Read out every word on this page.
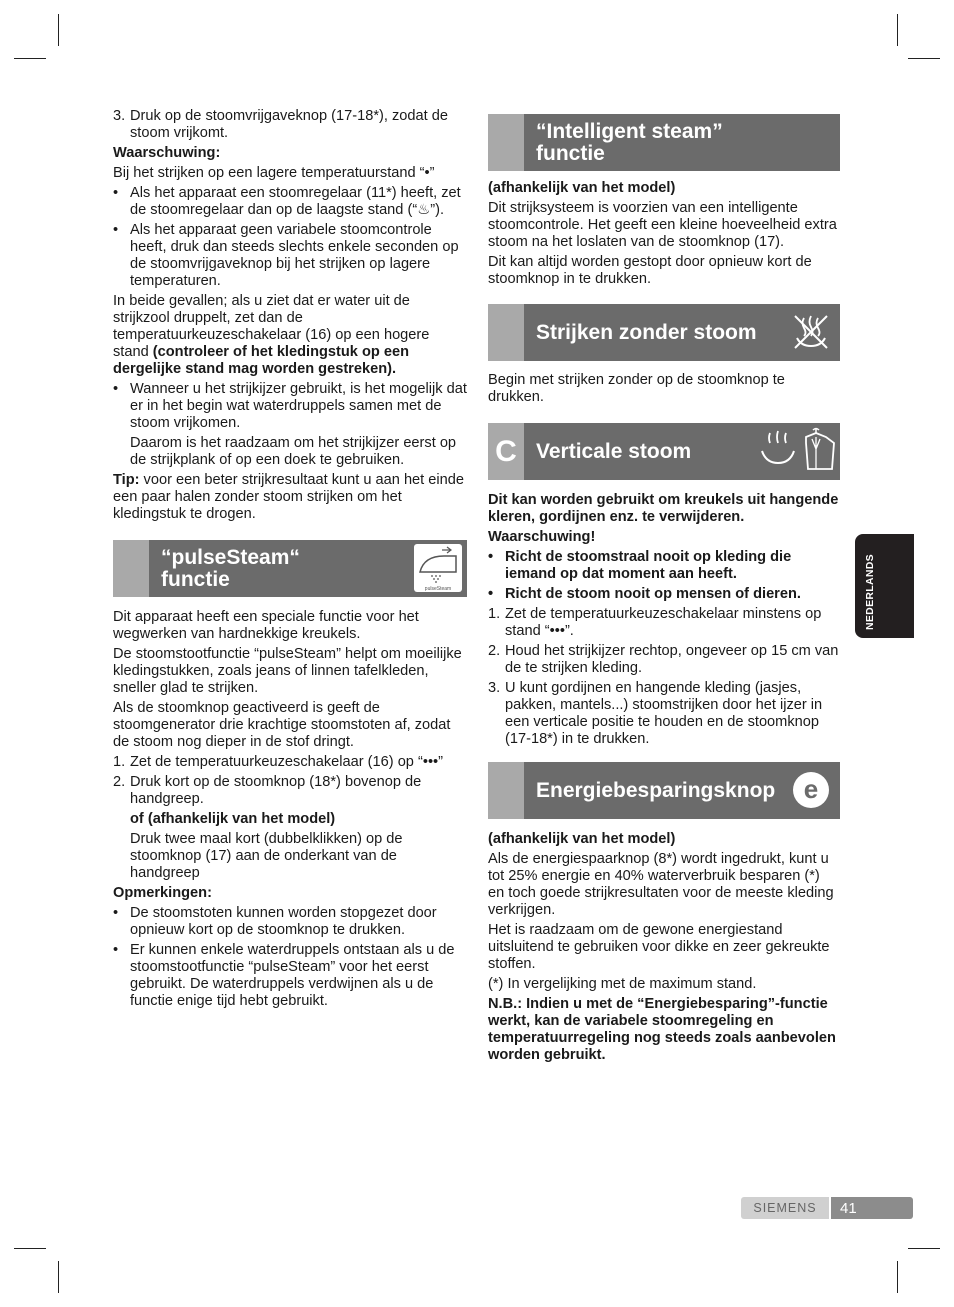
3. Druk op de stoomvrijgaveknop (17-18*), zodat de stoom vrijkomt.

Waarschuwing:

Bij het strijken op een lagere temperatuurstand “•”

• Als het apparaat een stoomregelaar (11*) heeft, zet de stoomregelaar dan op de laagste stand (“♨”).
• Als het apparaat geen variabele stoomcontrole heeft, druk dan steeds slechts enkele seconden op de stoomvrijgaveknop bij het strijken op lagere temperaturen.

In beide gevallen; als u ziet dat er water uit de strijkzool druppelt, zet dan de temperatuurkeuzeschakelaar (16) op een hogere stand (controleer of het kledingstuk op een dergelijke stand mag worden gestreken).

• Wanneer u het strijkijzer gebruikt, is het mogelijk dat er in het begin wat waterdruppels samen met de stoom vrijkomen.

Daarom is het raadzaam om het strijkijzer eerst op de strijkplank of op een doek te gebruiken.

Tip: voor een beter strijkresultaat kunt u aan het einde een paar halen zonder stoom strijken om het kledingstuk te drogen.

“pulseSteam“
functie	pulseSteam

Dit apparaat heeft een speciale functie voor het wegwerken van hardnekkige kreukels.

De stoomstootfunctie “pulseSteam” helpt om moeilijke kledingstukken, zoals jeans of linnen tafelkleden, sneller glad te strijken.

Als de stoomknop geactiveerd is geeft de stoomgenerator drie krachtige stoomstoten af, zodat de stoom nog dieper in de stof dringt.

1. Zet de temperatuurkeuzeschakelaar (16) op “•••”
2. Druk kort op de stoomknop (18*) bovenop de handgreep.

of (afhankelijk van het model)

Druk twee maal kort (dubbelklikken) op de stoomknop (17) aan de onderkant van de handgreep

Opmerkingen:

• De stoomstoten kunnen worden stopgezet door opnieuw kort op de stoomknop te drukken.
• Er kunnen enkele waterdruppels ontstaan als u de stoomstootfunctie “pulseSteam” voor het eerst gebruikt. De waterdruppels verdwijnen als u de functie enige tijd hebt gebruikt.
“Intelligent steam”
functie

(afhankelijk van het model)

Dit strijksysteem is voorzien van een intelligente stoomcontrole. Het geeft een kleine hoeveelheid extra stoom na het loslaten van de stoomknop (17).

Dit kan altijd worden gestopt door opnieuw kort de stoomknop in te drukken.

Strijken zonder stoom

Begin met strijken zonder op de stoomknop te drukken.

C Verticale stoom

Dit kan worden gebruikt om kreukels uit hangende kleren, gordijnen enz. te verwijderen.

Waarschuwing!

• Richt de stoomstraal nooit op kleding die iemand op dat moment aan heeft.
• Richt de stoom nooit op mensen of dieren.
1. Zet de temperatuurkeuzeschakelaar minstens op stand “•••”.
2. Houd het strijkijzer rechtop, ongeveer op 15 cm van de te strijken kleding.
3. U kunt gordijnen en hangende kleding (jasjes, pakken, mantels...) stoomstrijken door het ijzer in een verticale positie te houden en de stoomknop (17-18*) in te drukken.
Energiebesparingsknop e

(afhankelijk van het model)

Als de energiespaarknop (8*) wordt ingedrukt, kunt u tot 25% energie en 40% waterverbruik besparen (*) en toch goede strijkresultaten voor de meeste kleding verkrijgen.

Het is raadzaam om de gewone energiestand uitsluitend te gebruiken voor dikke en zeer gekreukte stoffen.

(*) In vergelijking met de maximum stand.

N.B.: Indien u met de “Energiebesparing”-functie werkt, kan de variabele stoomregeling en temperatuurregeling nog steeds zoals aanbevolen worden gebruikt.

NEDERLANDS
SIEMENS	41
